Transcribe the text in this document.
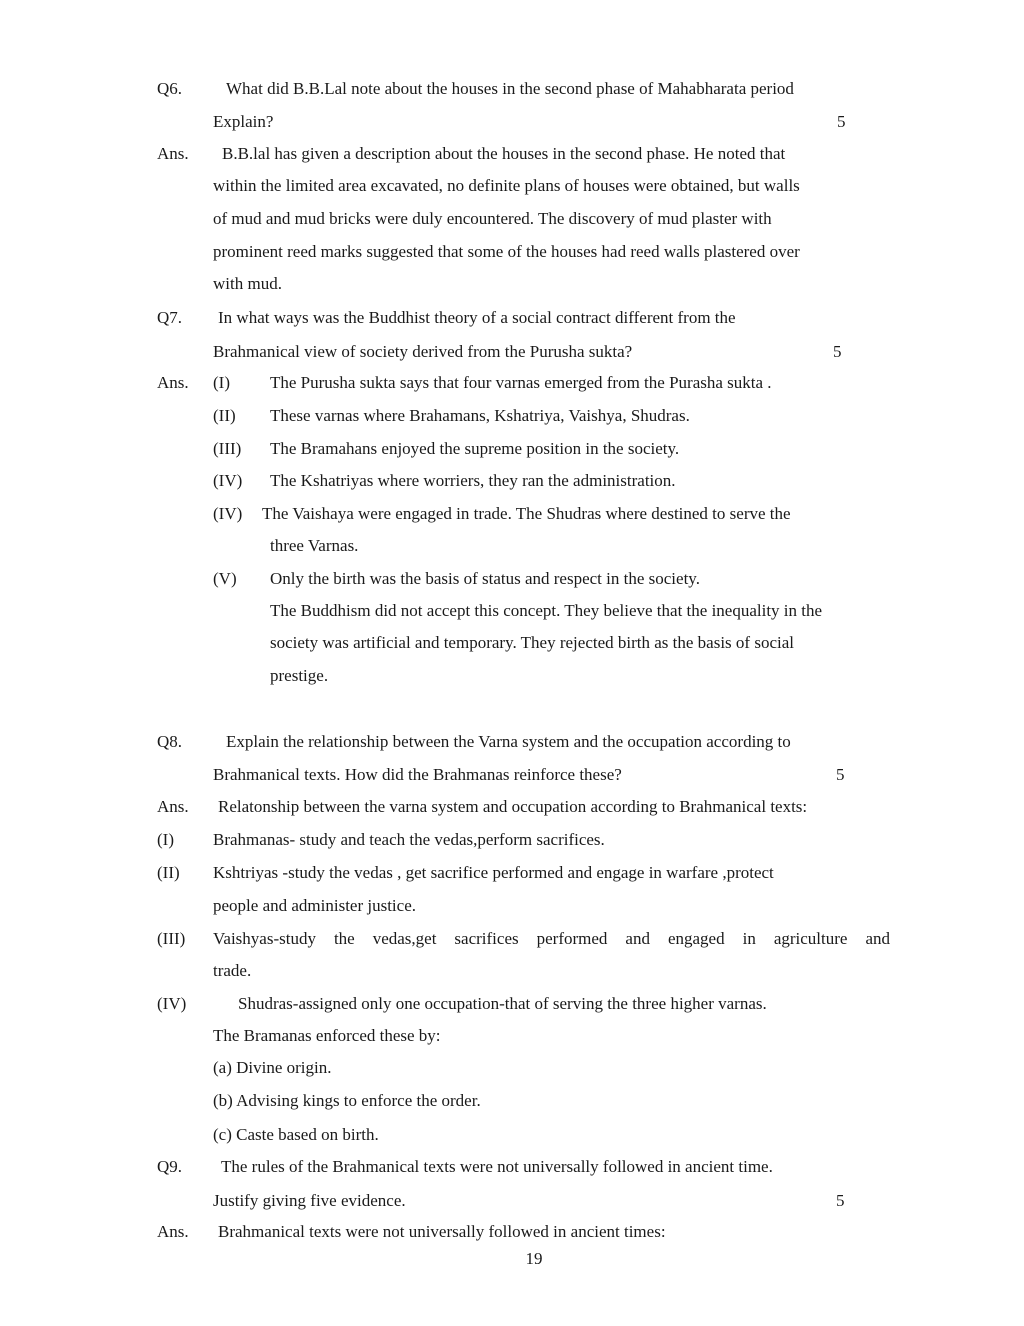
Q6.	What did B.B.Lal note about the houses in the second phase of Mahabharata period
Explain?	5
Ans. B.B.lal has given a description about the houses in the second phase. He noted that
within the limited area excavated, no definite plans of houses were obtained, but walls
of mud and mud bricks were duly encountered. The discovery of mud plaster with
prominent reed marks suggested that some of the houses had reed walls plastered over
with mud.
Q7. In what ways was the Buddhist theory of a social contract different from the
Brahmanical view of society derived from the Purusha sukta?	5
Ans. (I) The Purusha sukta says that four varnas emerged from the Purasha sukta .
(II) These varnas where Brahamans, Kshatriya, Vaishya, Shudras.
(III) The Bramahans enjoyed the supreme position in the society.
(IV) The Kshatriyas where worriers, they ran the administration.
(IV) The Vaishaya were engaged in trade. The Shudras where destined to serve the
three Varnas.
(V) Only the birth was the basis of status and respect in the society.
The Buddhism did not accept this concept. They believe that the inequality in the
society was artificial and temporary. They rejected birth as the basis of social
prestige.
Q8.	Explain the relationship between the Varna system and the occupation according to
Brahmanical texts. How did the Brahmanas reinforce these?	5
Ans. Relatonship between the varna system and occupation according to Brahmanical texts:
(I) Brahmanas- study and teach the vedas,perform sacrifices.
(II) Kshtriyas -study the vedas , get sacrifice performed and engage in warfare ,protect
people and administer justice.
(III) Vaishyas-study the vedas,get sacrifices performed and engaged in agriculture and
trade.
(IV)	Shudras-assigned only one occupation-that of serving the three higher varnas.
The Bramanas enforced these by:
(a) Divine origin.
(b) Advising kings to enforce the order.
(c) Caste based on birth.
Q9. The rules of the Brahmanical texts were not universally followed in ancient time.
Justify giving five evidence.	5
Ans. Brahmanical texts were not universally followed in ancient times:
19
